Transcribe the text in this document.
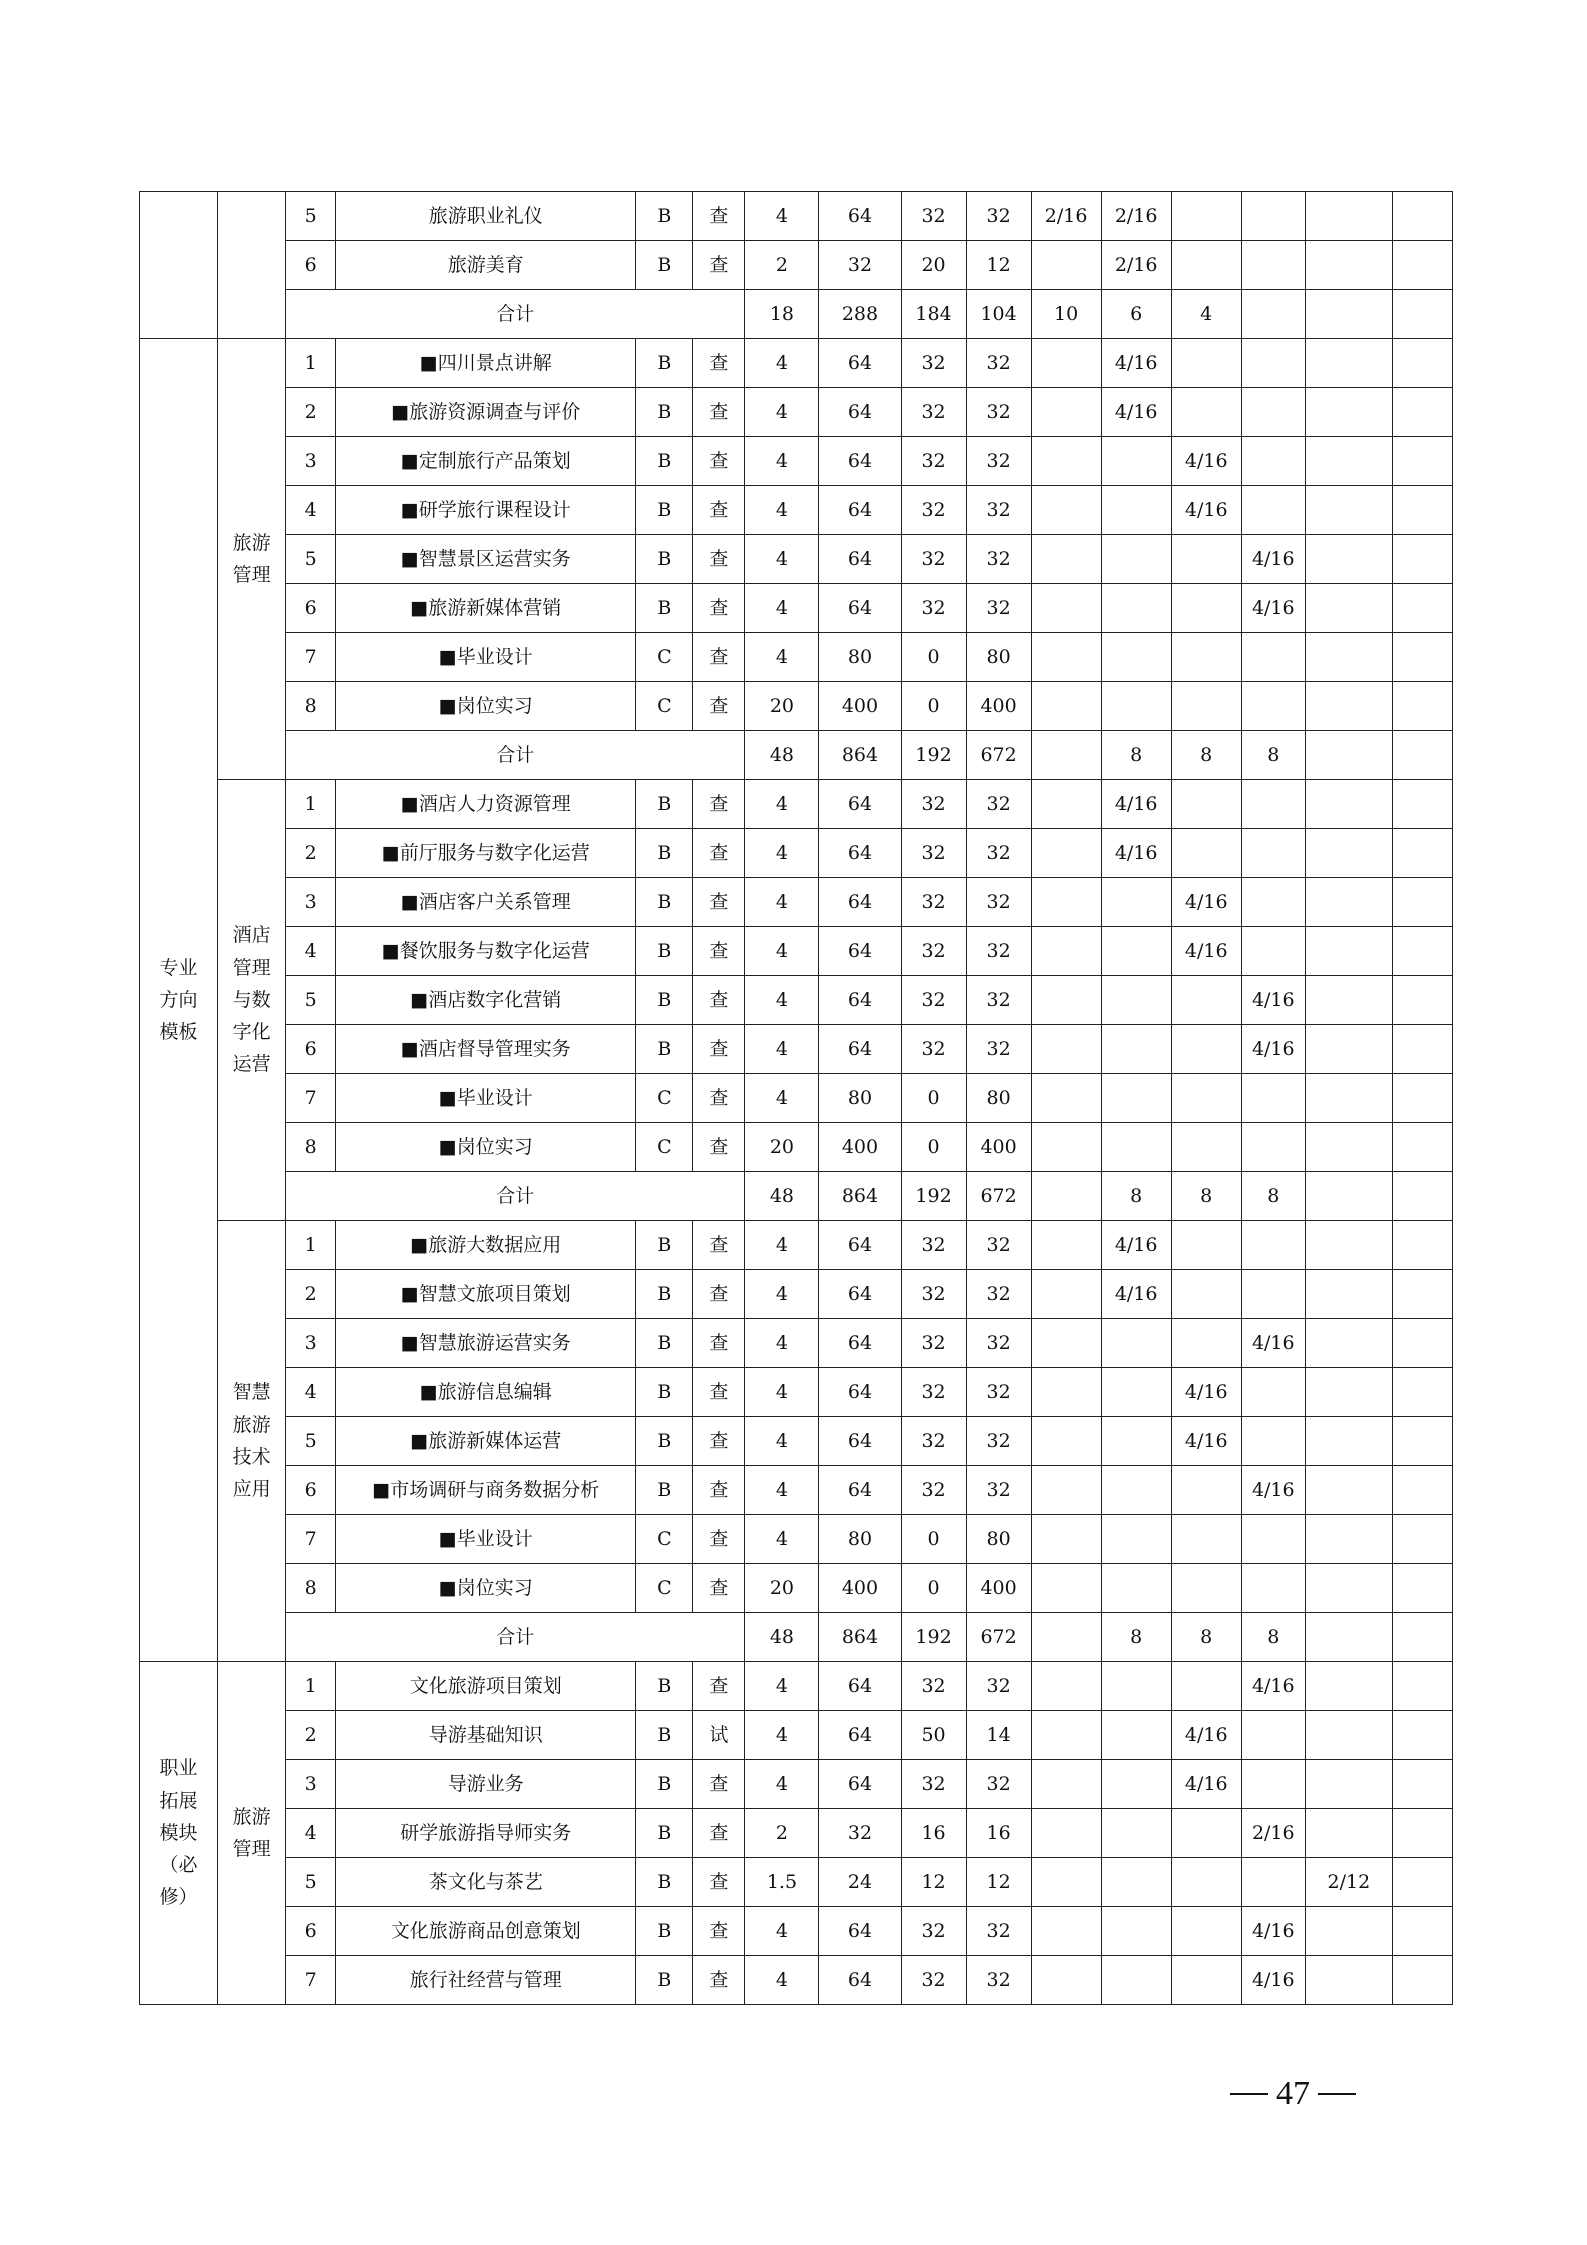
		5	旅游职业礼仪	B	查	4	64	32	32	2/16	2/16				
		6	旅游美育	B	查	2	32	20	12		2/16				
		合计				18	288	184	104	10	6	4			
专业方向模板	旅游管理	1	■四川景点讲解	B	查	4	64	32	32		4/16				
		2	■旅游资源调查与评价	B	查	4	64	32	32		4/16				
		3	■定制旅行产品策划	B	查	4	64	32	32			4/16			
		4	■研学旅行课程设计	B	查	4	64	32	32			4/16			
		5	■智慧景区运营实务	B	查	4	64	32	32				4/16		
		6	■旅游新媒体营销	B	查	4	64	32	32				4/16		
		7	■毕业设计	C	查	4	80	0	80						
		8	■岗位实习	C	查	20	400	0	400						
		合计				48	864	192	672		8	8	8		
	酒店管理与数字化运营	1	■酒店人力资源管理	B	查	4	64	32	32		4/16				
		2	■前厅服务与数字化运营	B	查	4	64	32	32		4/16				
		3	■酒店客户关系管理	B	查	4	64	32	32			4/16			
		4	■餐饮服务与数字化运营	B	查	4	64	32	32			4/16			
		5	■酒店数字化营销	B	查	4	64	32	32				4/16		
		6	■酒店督导管理实务	B	查	4	64	32	32				4/16		
		7	■毕业设计	C	查	4	80	0	80						
		8	■岗位实习	C	查	20	400	0	400						
		合计				48	864	192	672		8	8	8		
	智慧旅游技术应用	1	■旅游大数据应用	B	查	4	64	32	32		4/16				
		2	■智慧文旅项目策划	B	查	4	64	32	32		4/16				
		3	■智慧旅游运营实务	B	查	4	64	32	32				4/16		
		4	■旅游信息编辑	B	查	4	64	32	32			4/16			
		5	■旅游新媒体运营	B	查	4	64	32	32			4/16			
		6	■市场调研与商务数据分析	B	查	4	64	32	32				4/16		
		7	■毕业设计	C	查	4	80	0	80						
		8	■岗位实习	C	查	20	400	0	400						
		合计				48	864	192	672		8	8	8		
职业拓展模块（必修）	旅游管理	1	文化旅游项目策划	B	查	4	64	32	32				4/16		
		2	导游基础知识	B	试	4	64	50	14			4/16			
		3	导游业务	B	查	4	64	32	32			4/16			
		4	研学旅游指导师实务	B	查	2	32	16	16				2/16		
		5	茶文化与茶艺	B	查	1.5	24	12	12					2/12	
		6	文化旅游商品创意策划	B	查	4	64	32	32				4/16		
		7	旅行社经营与管理	B	查	4	64	32	32				4/16		
47
